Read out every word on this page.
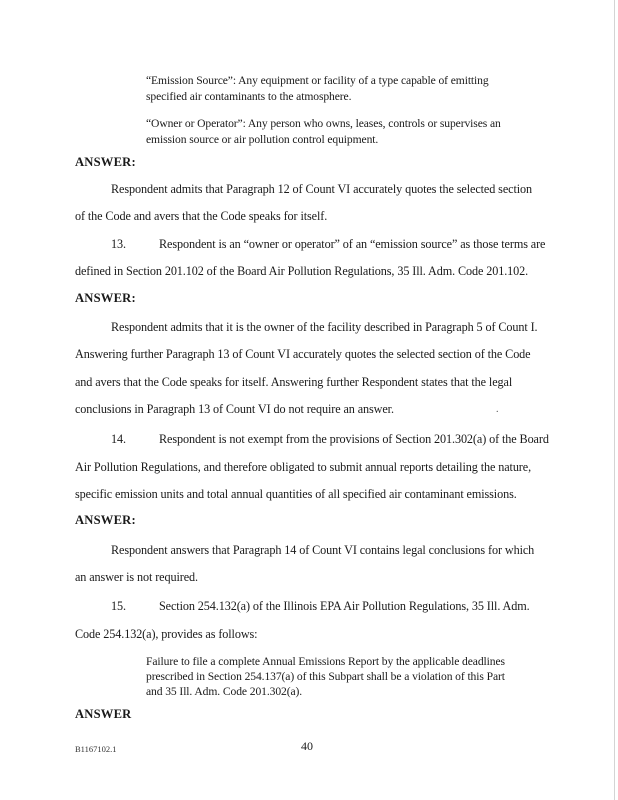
“Emission Source”: Any equipment or facility of a type capable of emitting

specified air contaminants to the atmosphere.

“Owner or Operator”: Any person who owns, leases, controls or supervises an

emission source or air pollution control equipment.

ANSWER:

Respondent admits that Paragraph 12 of Count VI accurately quotes the selected section

of the Code and avers that the Code speaks for itself.

13.	Respondent is an “owner or operator” of an “emission source” as those terms are

defined in Section 201.102 of the Board Air Pollution Regulations, 35 Ill. Adm. Code 201.102.

ANSWER:

Respondent admits that it is the owner of the facility described in Paragraph 5 of Count I.

Answering further Paragraph 13 of Count VI accurately quotes the selected section of the Code

and avers that the Code speaks for itself. Answering further Respondent states that the legal

conclusions in Paragraph 13 of Count VI do not require an answer.	.

14.	Respondent is not exempt from the provisions of Section 201.302(a) of the Board

Air Pollution Regulations, and therefore obligated to submit annual reports detailing the nature,

specific emission units and total annual quantities of all specified air contaminant emissions.

ANSWER:

Respondent answers that Paragraph 14 of Count VI contains legal conclusions for which

an answer is not required.

15.	Section 254.132(a) of the Illinois EPA Air Pollution Regulations, 35 Ill. Adm.

Code 254.132(a), provides as follows:

Failure to file a complete Annual Emissions Report by the applicable deadlines

prescribed in Section 254.137(a) of this Subpart shall be a violation of this Part

and 35 Ill. Adm. Code 201.302(a).

ANSWER

B1167102.1	40
